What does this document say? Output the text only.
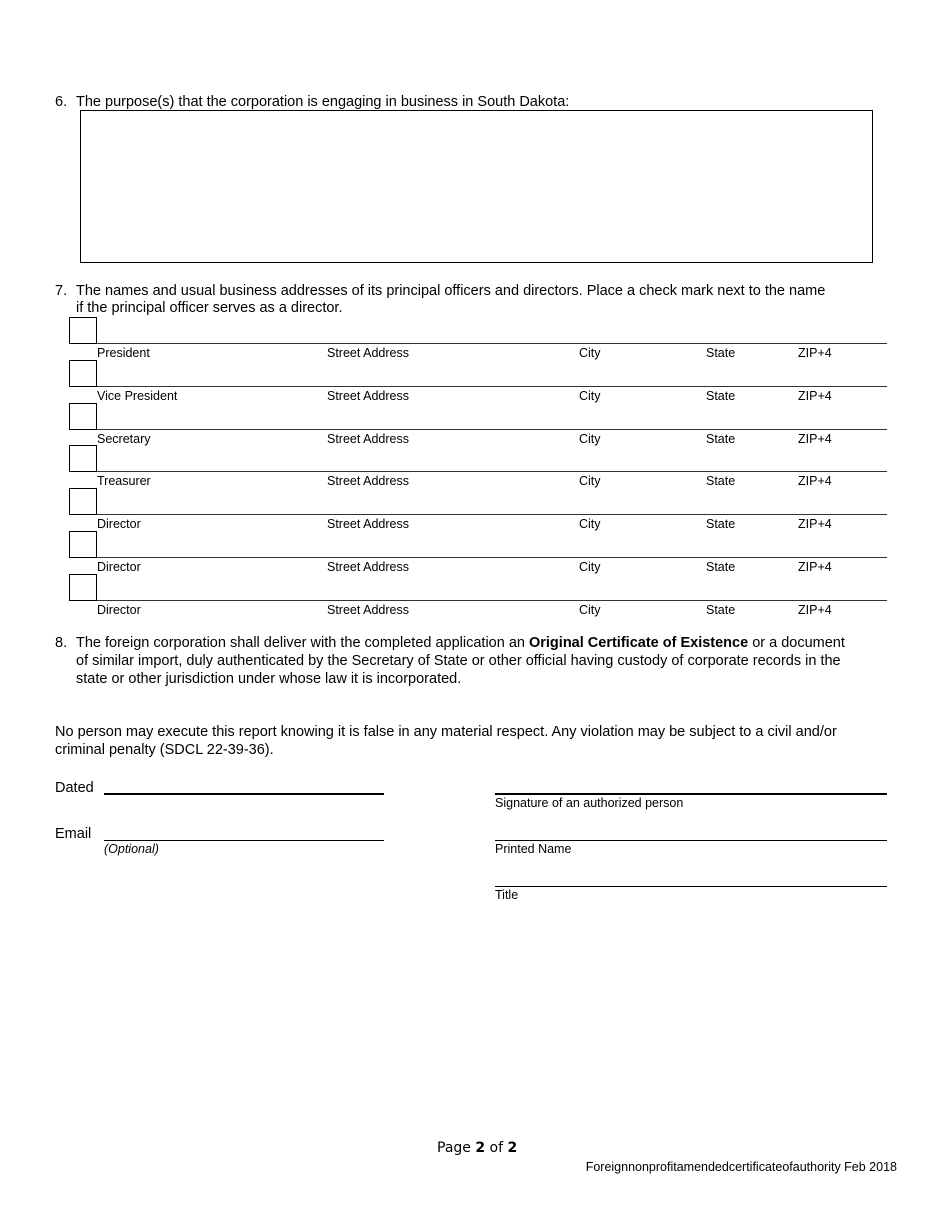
6. The purpose(s) that the corporation is engaging in business in South Dakota:
7. The names and usual business addresses of its principal officers and directors. Place a check mark next to the name
if the principal officer serves as a director.
President	Street Address	City	State	ZIP+4
Vice President	Street Address	City	State	ZIP+4
Secretary	Street Address	City	State	ZIP+4
Treasurer	Street Address	City	State	ZIP+4
Director	Street Address	City	State	ZIP+4
Director	Street Address	City	State	ZIP+4
Director	Street Address	City	State	ZIP+4
8. The foreign corporation shall deliver with the completed application an Original Certificate of Existence or a document
of similar import, duly authenticated by the Secretary of State or other official having custody of corporate records in the
state or other jurisdiction under whose law it is incorporated.
No person may execute this report knowing it is false in any material respect. Any violation may be subject to a civil and/or
criminal penalty (SDCL 22-39-36).
Dated
Signature of an authorized person
Email
(Optional)	Printed Name
Title
Page 2 of 2
Foreignnonprofitamendedcertificateofauthority Feb 2018
